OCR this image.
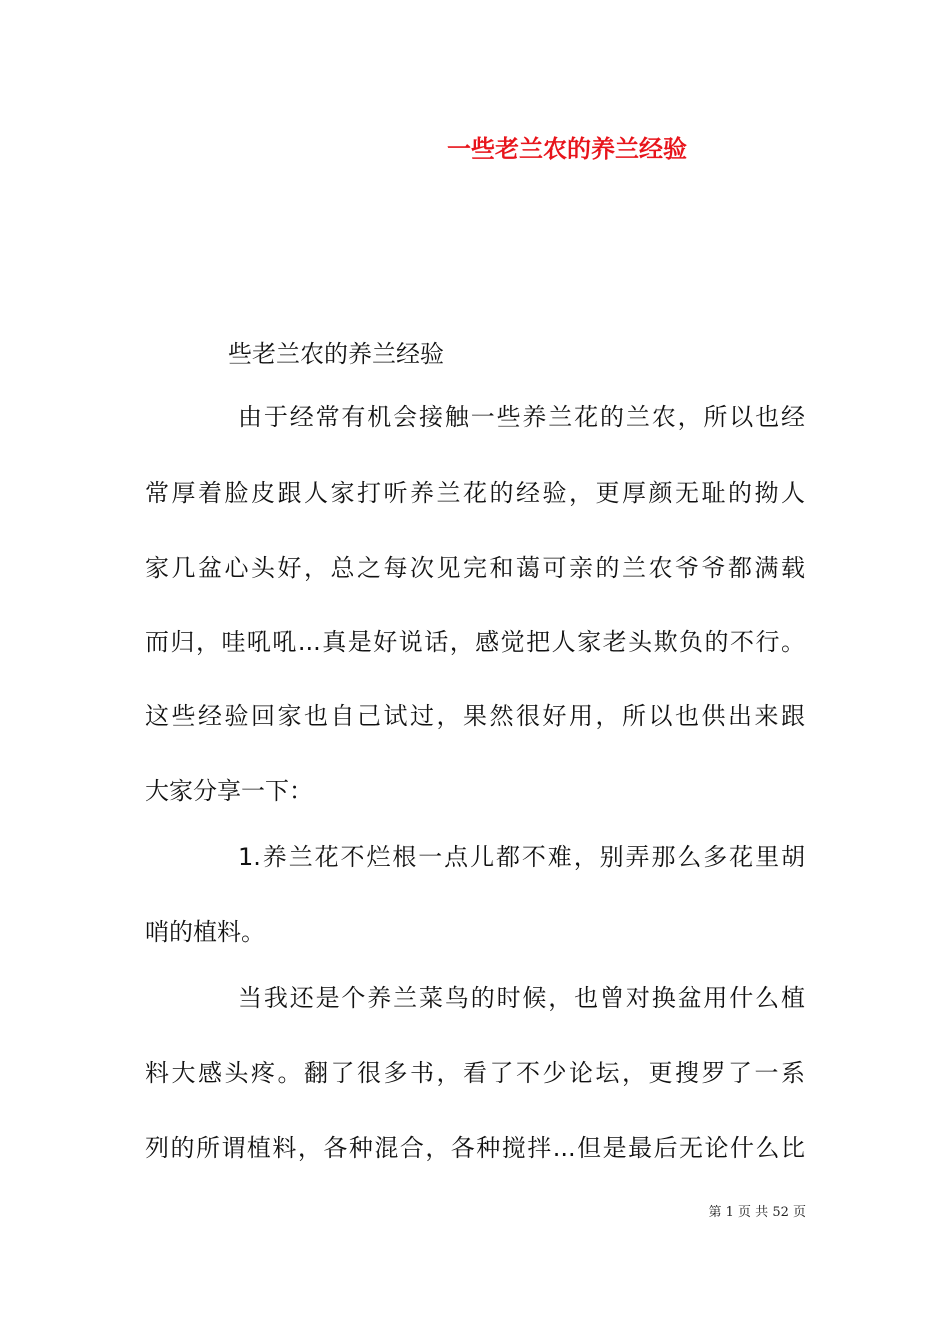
一些老兰农的养兰经验
些老兰农的养兰经验
由于经常有机会接触一些养兰花的兰农，所以也经
常厚着脸皮跟人家打听养兰花的经验，更厚颜无耻的拗人
家几盆心头好，总之每次见完和蔼可亲的兰农爷爷都满载
而归，哇吼吼...真是好说话，感觉把人家老头欺负的不行。
这些经验回家也自己试过，果然很好用，所以也供出来跟
大家分享一下：
1.养兰花不烂根一点儿都不难，别弄那么多花里胡
哨的植料。
当我还是个养兰菜鸟的时候，也曾对换盆用什么植
料大感头疼。翻了很多书，看了不少论坛，更搜罗了一系
列的所谓植料，各种混合，各种搅拌...但是最后无论什么比
第 1 页 共 52 页
